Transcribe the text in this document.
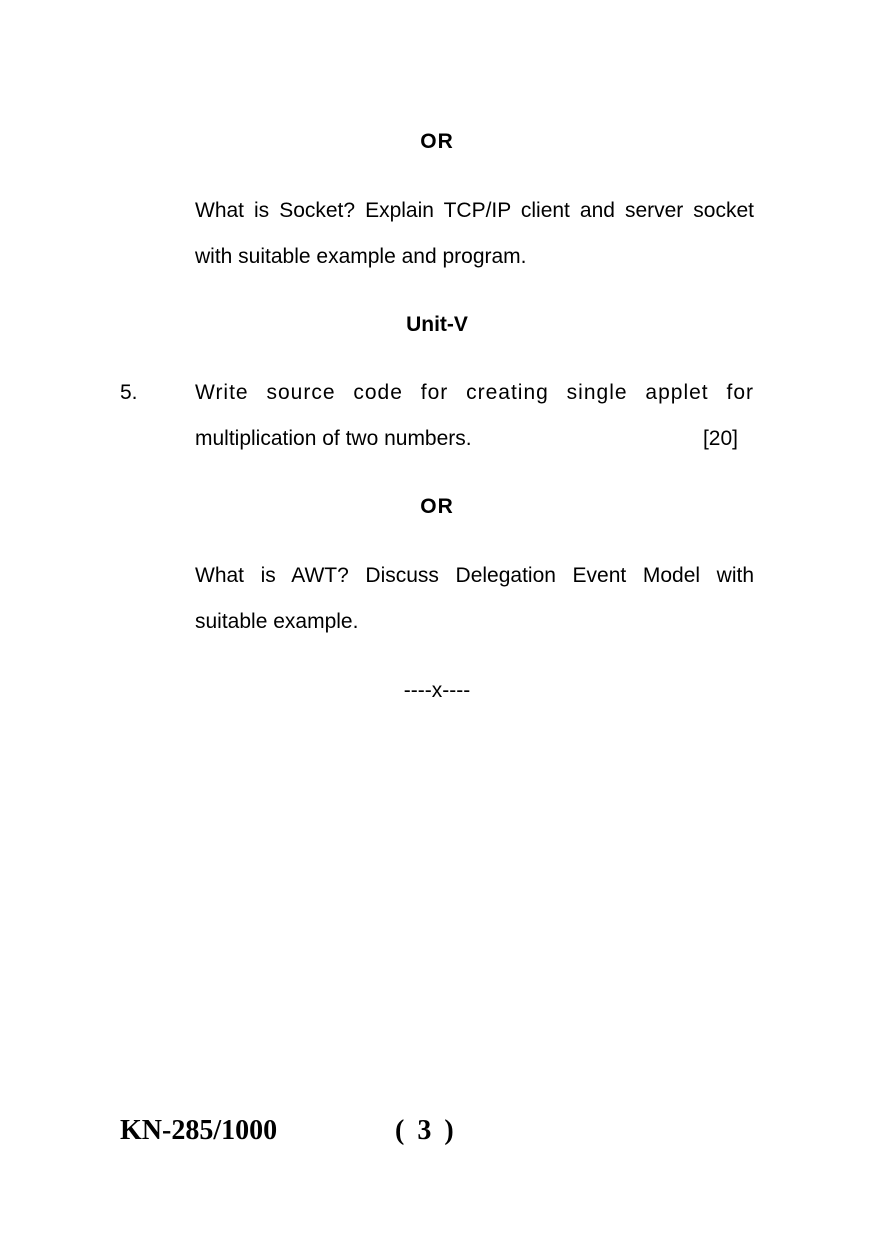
OR
What is Socket? Explain TCP/IP client and server socket
with suitable example and program.
Unit-V
5.	Write source code for creating single applet for
multiplication of two numbers.	[20]
OR
What is AWT? Discuss Delegation Event Model with
suitable example.
----x----
KN-285/1000	( 3 )
